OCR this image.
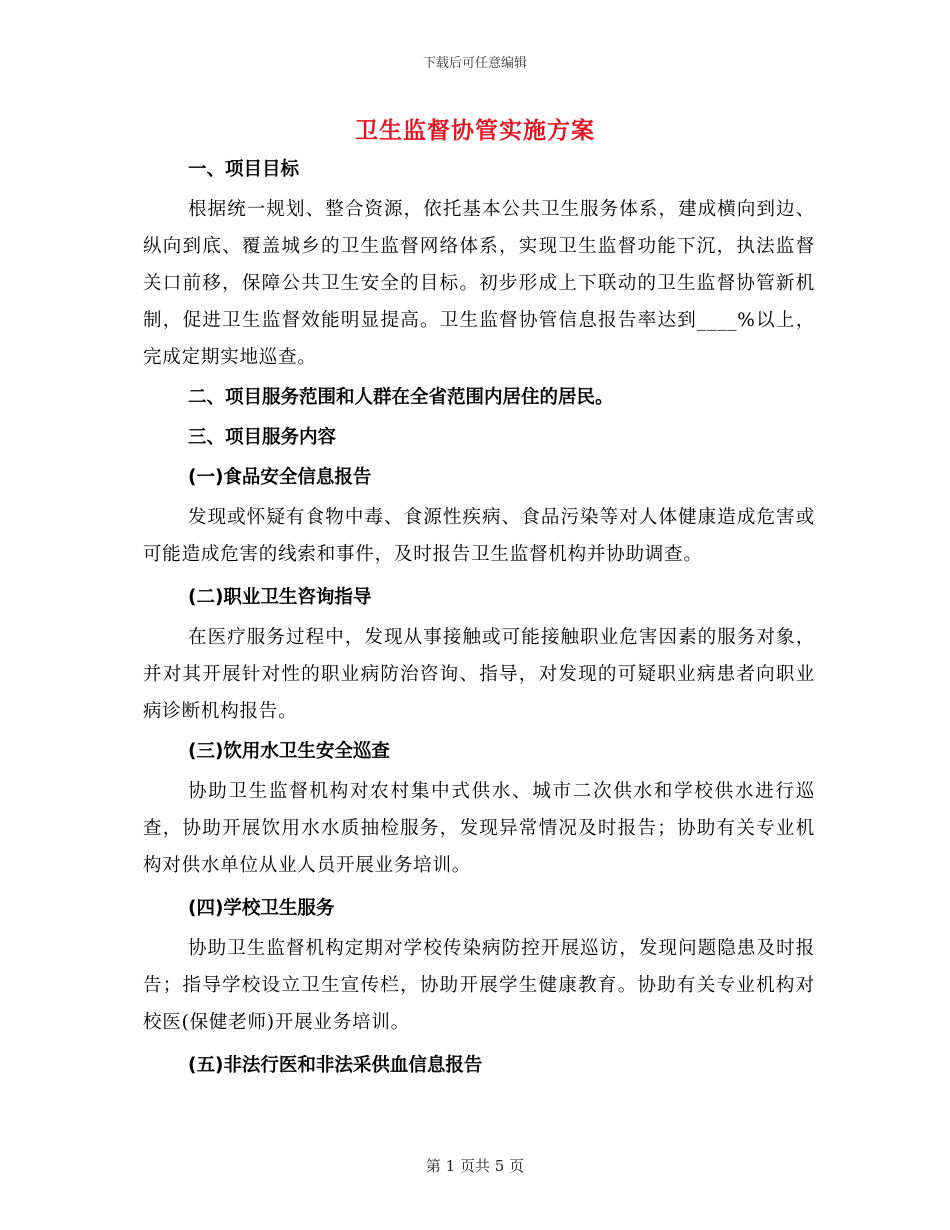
下载后可任意编辑
卫生监督协管实施方案

一、项目目标

根据统一规划、整合资源，依托基本公共卫生服务体系，建成横向到边、纵向到底、覆盖城乡的卫生监督网络体系，实现卫生监督功能下沉，执法监督关口前移，保障公共卫生安全的目标。初步形成上下联动的卫生监督协管新机制，促进卫生监督效能明显提高。卫生监督协管信息报告率达到____%以上，完成定期实地巡查。

二、项目服务范围和人群在全省范围内居住的居民。

三、项目服务内容

(一)食品安全信息报告

发现或怀疑有食物中毒、食源性疾病、食品污染等对人体健康造成危害或可能造成危害的线索和事件，及时报告卫生监督机构并协助调查。

(二)职业卫生咨询指导

在医疗服务过程中，发现从事接触或可能接触职业危害因素的服务对象，并对其开展针对性的职业病防治咨询、指导，对发现的可疑职业病患者向职业病诊断机构报告。

(三)饮用水卫生安全巡查

协助卫生监督机构对农村集中式供水、城市二次供水和学校供水进行巡查，协助开展饮用水水质抽检服务，发现异常情况及时报告；协助有关专业机构对供水单位从业人员开展业务培训。

(四)学校卫生服务

协助卫生监督机构定期对学校传染病防控开展巡访，发现问题隐患及时报告；指导学校设立卫生宣传栏，协助开展学生健康教育。协助有关专业机构对校医(保健老师)开展业务培训。

(五)非法行医和非法采供血信息报告

第 1 页共 5 页
